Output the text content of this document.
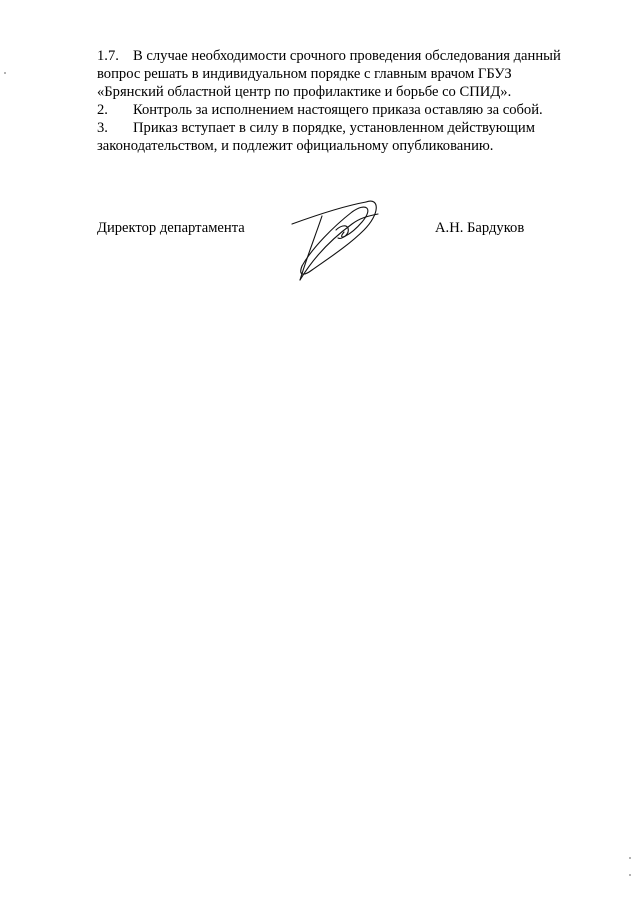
1.7. В случае необходимости срочного проведения обследования данный

вопрос решать в индивидуальном порядке с главным врачом ГБУЗ

«Брянский областной центр по профилактике и борьбе со СПИД».

2. Контроль за исполнением настоящего приказа оставляю за собой.

3. Приказ вступает в силу в порядке, установленном действующим

законодательством, и подлежит официальному опубликованию.

Директор департамента	А.Н. Бардуков
